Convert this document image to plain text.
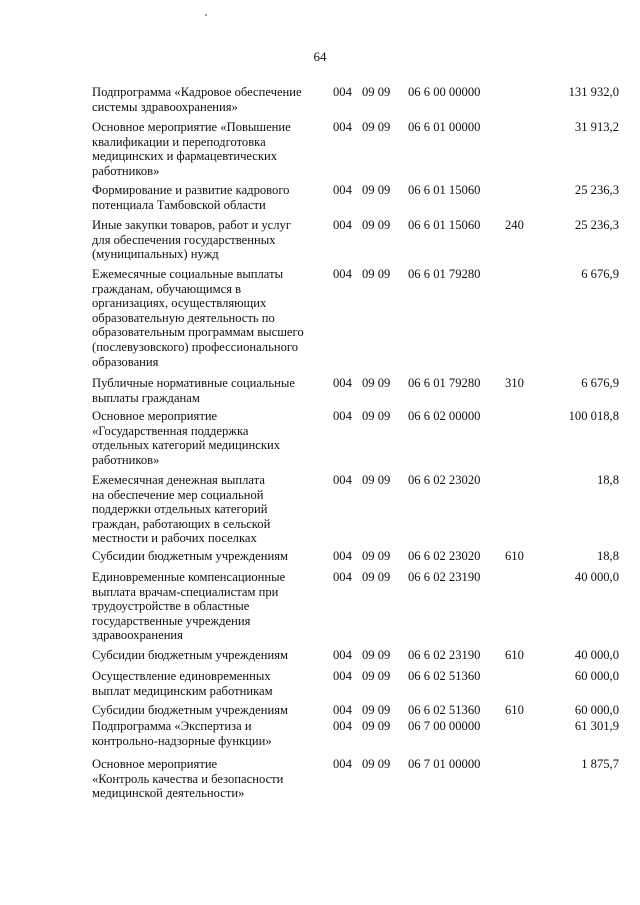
64
Подпрограмма «Кадровое обеспечение
системы здравоохранения»
004 09 09 06 6 00 00000	131 932,0
Основное мероприятие «Повышение
квалификации и переподготовка
медицинских и фармацевтических
работников»
004 09 09 06 6 01 00000	31 913,2
Формирование и развитие кадрового
потенциала Тамбовской области
004 09 09 06 6 01 15060	25 236,3
Иные закупки товаров, работ и услуг
для обеспечения государственных
(муниципальных) нужд
004 09 09 06 6 01 15060 240	25 236,3
Ежемесячные социальные выплаты
гражданам, обучающимся в
организациях, осуществляющих
образовательную деятельность по
образовательным программам высшего
(послевузовского) профессионального
образования
004 09 09 06 6 01 79280	6 676,9
Публичные нормативные социальные
выплаты гражданам
004 09 09 06 6 01 79280 310	6 676,9
Основное мероприятие
«Государственная поддержка
отдельных категорий медицинских
работников»
004 09 09 06 6 02 00000	100 018,8
Ежемесячная денежная выплата
на обеспечение мер социальной
поддержки отдельных категорий
граждан, работающих в сельской
местности и рабочих поселках
004 09 09 06 6 02 23020	18,8
Субсидии бюджетным учреждениям	004 09 09 06 6 02 23020 610	18,8
Единовременные компенсационные
выплата врачам-специалистам при
трудоустройстве в областные
государственные учреждения
здравоохранения
004 09 09 06 6 02 23190	40 000,0
Субсидии бюджетным учреждениям	004 09 09 06 6 02 23190 610	40 000,0
Осуществление единовременных
выплат медицинским работникам
004 09 09 06 6 02 51360	60 000,0
Субсидии бюджетным учреждениям	004 09 09 06 6 02 51360 610	60 000,0
Подпрограмма «Экспертиза и
контрольно-надзорные функции»
004 09 09 06 7 00 00000	61 301,9
Основное мероприятие
«Контроль качества и безопасности
медицинской деятельности»
004 09 09 06 7 01 00000	1 875,7
